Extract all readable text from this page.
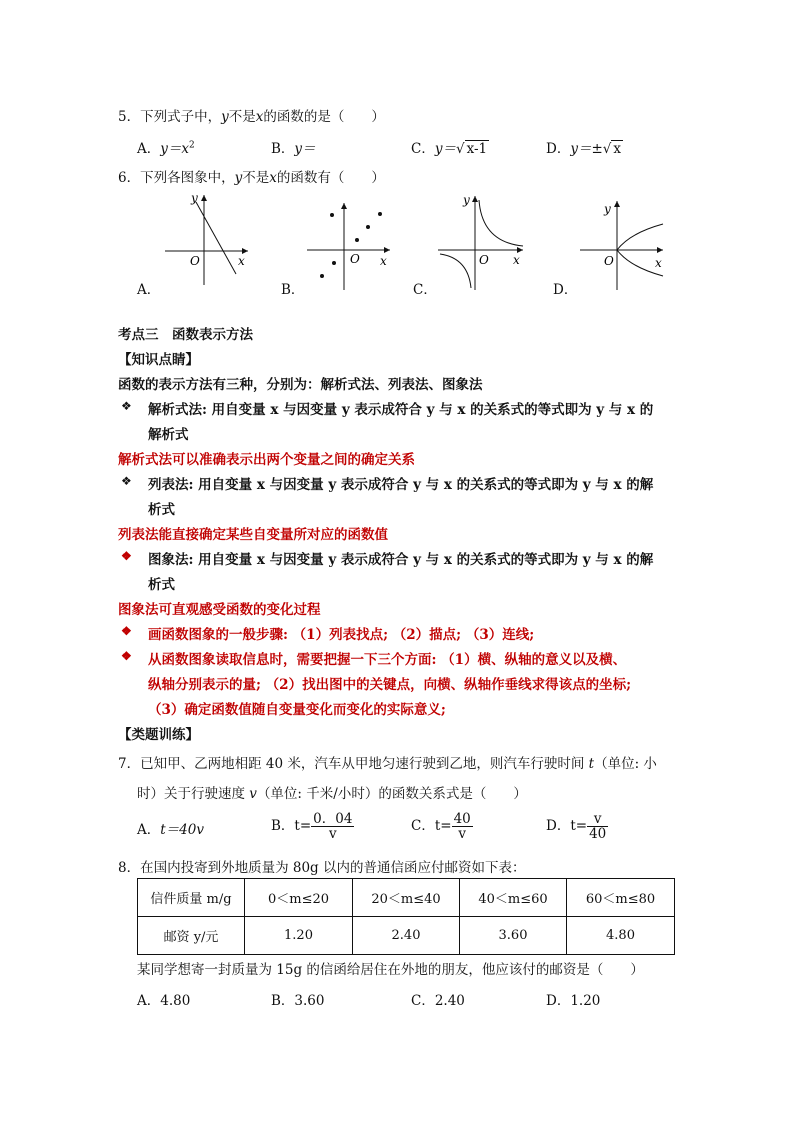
5．下列式子中，y不是x的函数的是（　　）
A．$y=x^2$	B．y＝	C．y＝√ x-1	D．y＝±√ x
6．下列各图象中，y不是x的函数有（　　）
y
x
O
A．
O x
B．
y
O x
C．
y
O	x
D．
考点三　函数表示方法
【知识点睛】
函数的表示方法有三种，分别为：解析式法、列表法、图象法
❖ 解析式法: 用自变量 x 与因变量 y 表示成符合 y 与 x 的关系式的等式即为 y 与 x 的
解析式
解析式法可以准确表示出两个变量之间的确定关系
❖ 列表法: 用自变量 x 与因变量 y 表示成符合 y 与 x 的关系式的等式即为 y 与 x 的解
析式
列表法能直接确定某些自变量所对应的函数值
❖ 图象法: 用自变量 x 与因变量 y 表示成符合 y 与 x 的关系式的等式即为 y 与 x 的解
析式
图象法可直观感受函数的变化过程
❖ 画函数图象的一般步骤: （1）列表找点; （2）描点; （3）连线;
❖ 从函数图象读取信息时，需要把握一下三个方面: （1）横、纵轴的意义以及横、
纵轴分别表示的量; （2）找出图中的关键点，向横、纵轴作垂线求得该点的坐标;
（3）确定函数值随自变量变化而变化的实际意义;
【类题训练】
7．已知甲、乙两地相距 40 米，汽车从甲地匀速行驶到乙地，则汽车行驶时间 t（单位: 小
时）关于行驶速度 v（单位: 千米/小时）的函数关系式是（　　）
A．t＝40v	B．$t= \frac{0.04}{v}$	C．$t= \frac{40}{v}$	D．$t= \frac{v}{40}$
8．在国内投寄到外地质量为 80g 以内的普通信函应付邮资如下表：
信件质量 m/g	0＜m≤20	20＜m≤40	40＜m≤60	60＜m≤80
邮资 y/元	1.20	2.40	3.60	4.80
某同学想寄一封质量为 15g 的信函给居住在外地的朋友，他应该付的邮资是（　　）
A．4.80	B．3.60	C．2.40	D．1.20
